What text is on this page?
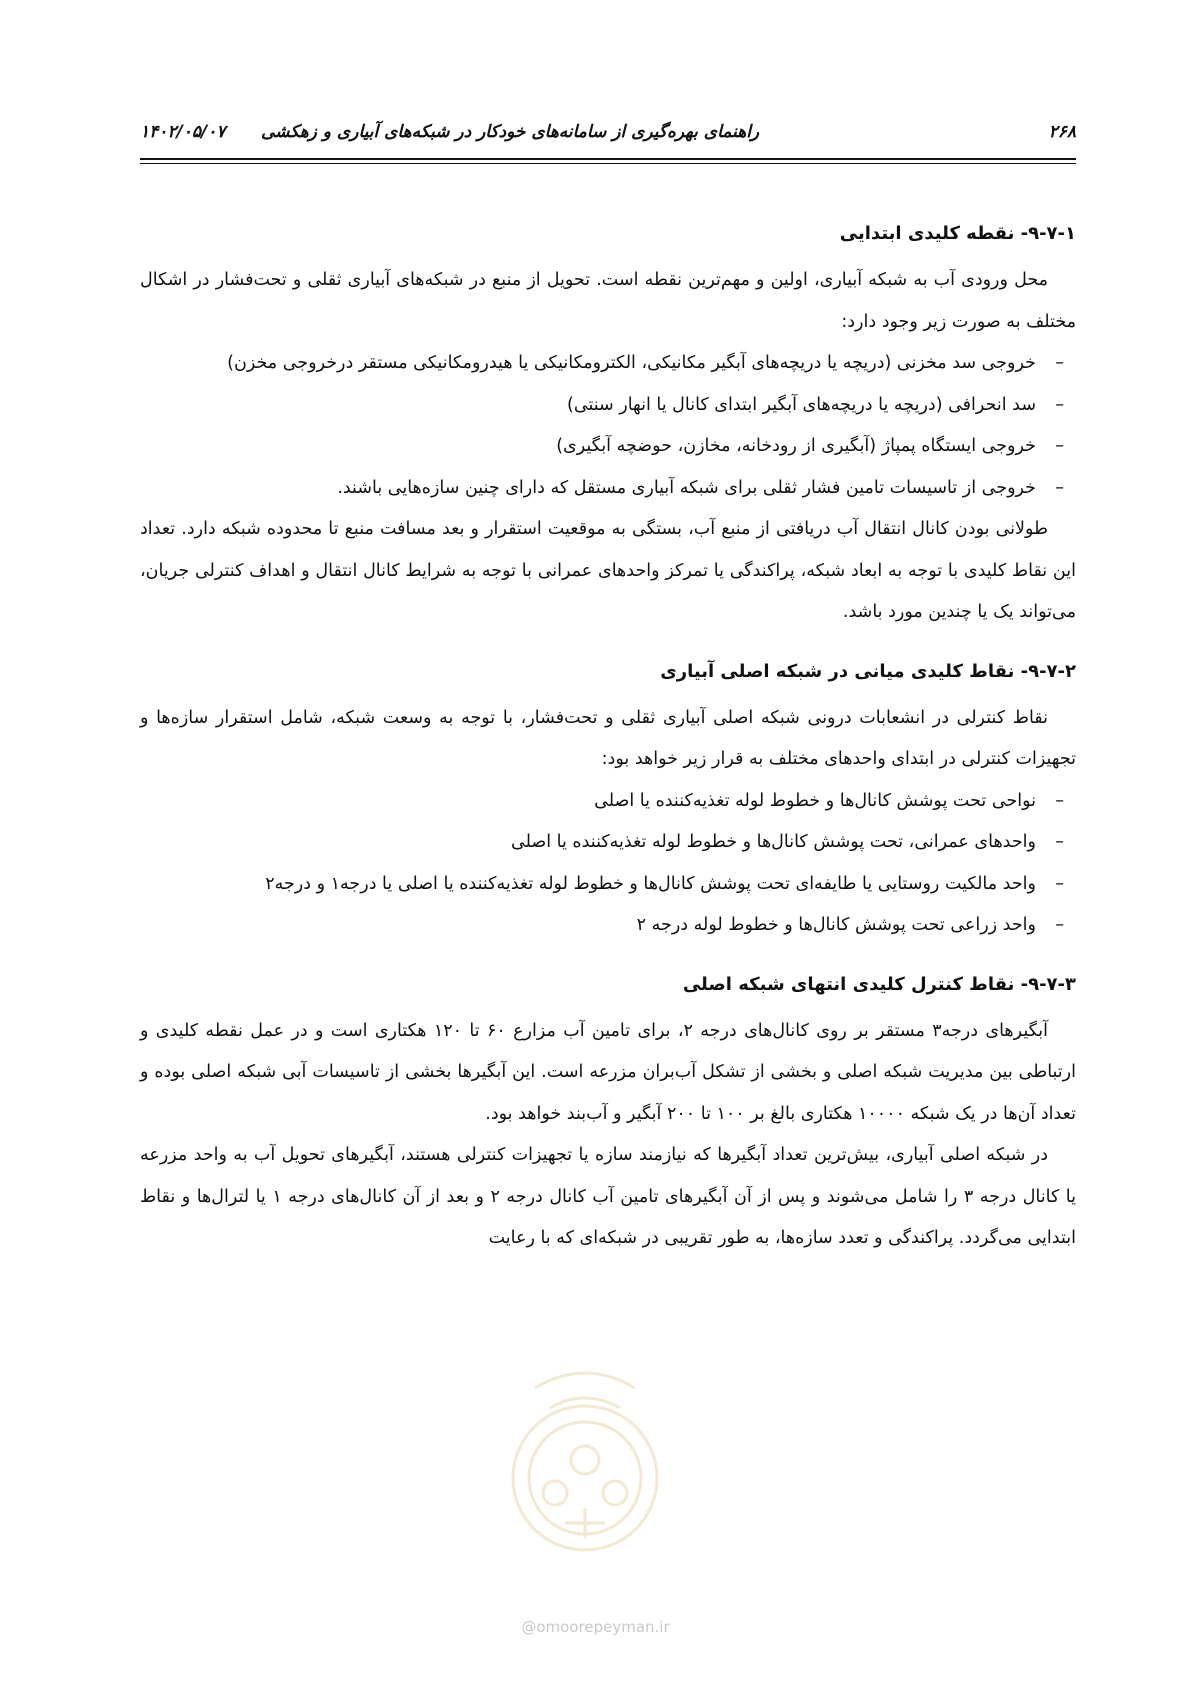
۲۶۸
راهنمای بهره‌گیری از سامانه‌های خودکار در شبکه‌های آبیاری و زهکشی      ۱۴۰۲/۰۵/۰۷
۹-۷-۱- نقطه کلیدی ابتدایی

محل ورودی آب به شبکه آبیاری، اولین و مهم‌ترین نقطه است. تحویل از منبع در شبکه‌های آبیاری ثقلی و تحت‌فشار در اشکال مختلف به صورت زیر وجود دارد:

–
خروجی سد مخزنی (دریچه یا دریچه‌های آبگیر مکانیکی، الکترومکانیکی یا هیدرومکانیکی مستقر درخروجی مخزن)
–
سد انحرافی (دریچه یا دریچه‌های آبگیر ابتدای کانال یا انهار سنتی)
–
خروجی ایستگاه پمپاژ (آبگیری از رودخانه، مخازن، حوضچه آبگیری)
–
خروجی از تاسیسات تامین فشار ثقلی برای شبکه آبیاری مستقل که دارای چنین سازه‌هایی باشند.

طولانی بودن کانال انتقال آب دریافتی از منبع آب، بستگی به موقعیت استقرار و بعد مسافت منبع تا محدوده شبکه دارد. تعداد این نقاط کلیدی با توجه به ابعاد شبکه، پراکندگی یا تمرکز واحدهای عمرانی با توجه به شرایط کانال انتقال و اهداف کنترلی جریان، می‌تواند یک یا چندین مورد باشد.

۹-۷-۲- نقاط کلیدی میانی در شبکه اصلی آبیاری

نقاط کنترلی در انشعابات درونی شبکه اصلی آبیاری ثقلی و تحت‌فشار، با توجه به وسعت شبکه، شامل استقرار سازه‌ها و تجهیزات کنترلی در ابتدای واحدهای مختلف به قرار زیر خواهد بود:

–
نواحی تحت پوشش کانال‌ها و خطوط لوله تغذیه‌کننده یا اصلی
–
واحدهای عمرانی، تحت پوشش کانال‌ها و خطوط لوله تغذیه‌کننده یا اصلی
–
واحد مالکیت روستایی یا طایفه‌ای تحت پوشش کانال‌ها و خطوط لوله تغذیه‌کننده یا اصلی یا درجه۱ و درجه۲
–
واحد زراعی تحت پوشش کانال‌ها و خطوط لوله درجه ۲
۹-۷-۳- نقاط کنترل کلیدی انتهای شبکه اصلی

آبگیرهای درجه۳ مستقر بر روی کانال‌های درجه ۲، برای تامین آب مزارع ۶۰ تا ۱۲۰ هکتاری است و در عمل نقطه کلیدی و ارتباطی بین مدیریت شبکه اصلی و بخشی از تشکل آب‌بران مزرعه است. این آبگیرها بخشی از تاسیسات آبی شبکه اصلی بوده و تعداد آن‌ها در یک شبکه ۱۰۰۰۰ هکتاری بالغ بر ۱۰۰ تا ۲۰۰ آبگیر و آب‌بند خواهد بود.

در شبکه اصلی آبیاری، بیش‌ترین تعداد آبگیرها که نیازمند سازه یا تجهیزات کنترلی هستند، آبگیرهای تحویل آب به واحد مزرعه یا کانال درجه ۳ را شامل می‌شوند و پس از آن آبگیرهای تامین آب کانال درجه ۲ و بعد از آن کانال‌های درجه ۱ یا لترال‌ها و نقاط ابتدایی می‌گردد. پراکندگی و تعدد سازه‌ها، به طور تقریبی در شبکه‌ای که با رعایت

@omoorepeyman.ir
